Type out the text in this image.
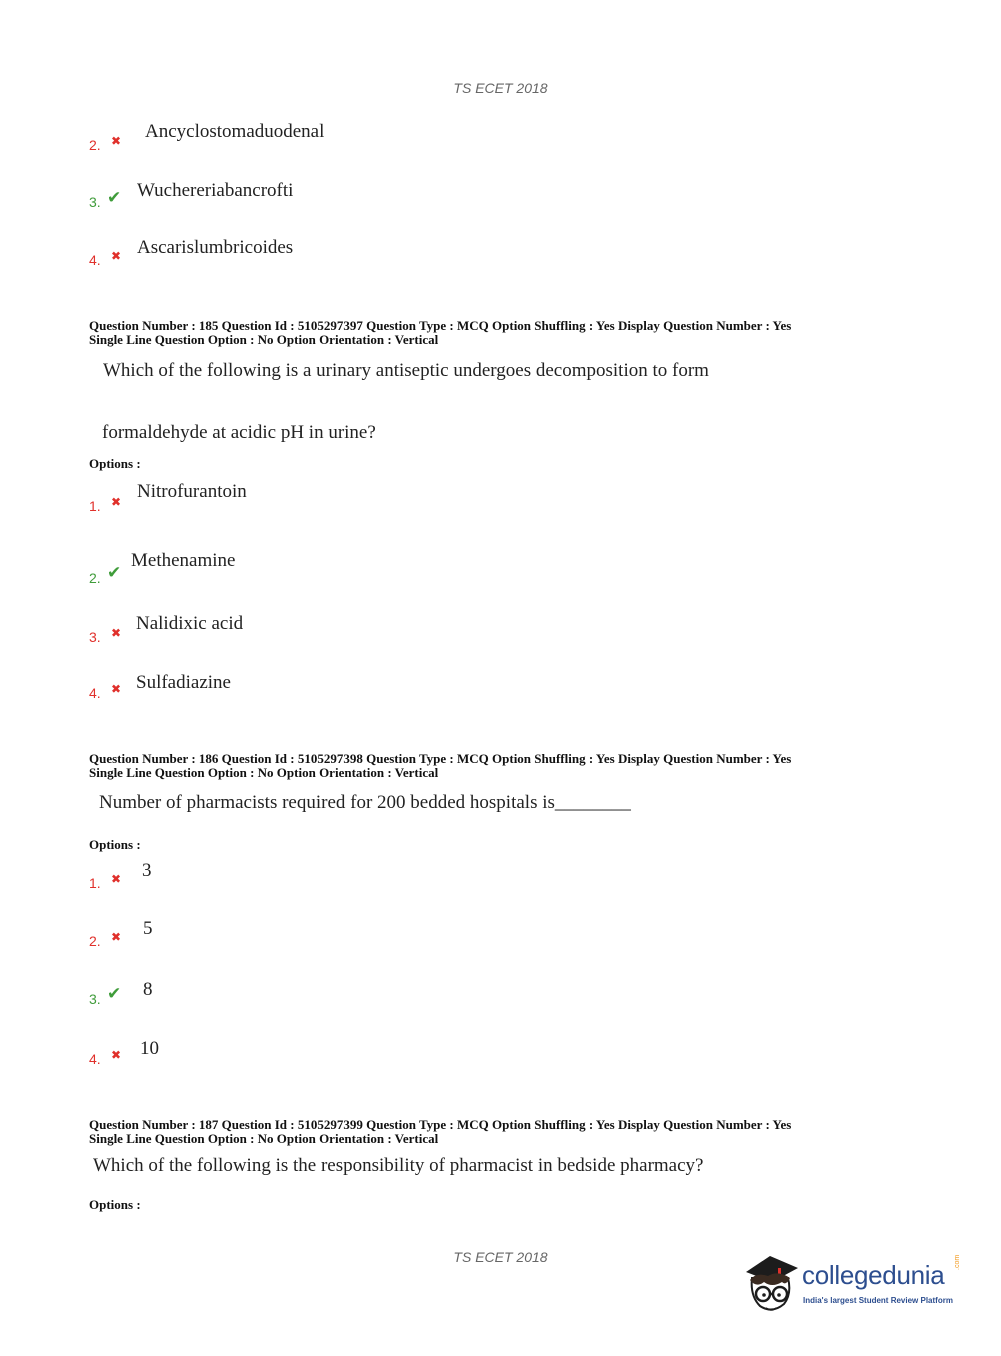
TS ECET 2018
2. ✖ Ancyclostomaduodenal
3. ✔ Wuchereriabancrofti
4. ✖ Ascarislumbricoides
Question Number : 185 Question Id : 5105297397 Question Type : MCQ Option Shuffling : Yes Display Question Number : Yes
Single Line Question Option : No Option Orientation : Vertical
Which of the following is a urinary antiseptic undergoes decomposition to form
formaldehyde at acidic pH in urine?
Options :
1. ✖ Nitrofurantoin
2. ✔
Methenamine
3. ✖ Nalidixic acid
4. ✖ Sulfadiazine
Question Number : 186 Question Id : 5105297398 Question Type : MCQ Option Shuffling : Yes Display Question Number : Yes
Single Line Question Option : No Option Orientation : Vertical
Number of pharmacists required for 200 bedded hospitals is________
Options :
1. ✖ 3
2. ✖ 5
3. ✔ 8
4. ✖ 10
Question Number : 187 Question Id : 5105297399 Question Type : MCQ Option Shuffling : Yes Display Question Number : Yes
Single Line Question Option : No Option Orientation : Vertical
Which of the following is the responsibility of pharmacist in bedside pharmacy?
Options :
TS ECET 2018
collegedunia .com
India's largest Student Review Platform
